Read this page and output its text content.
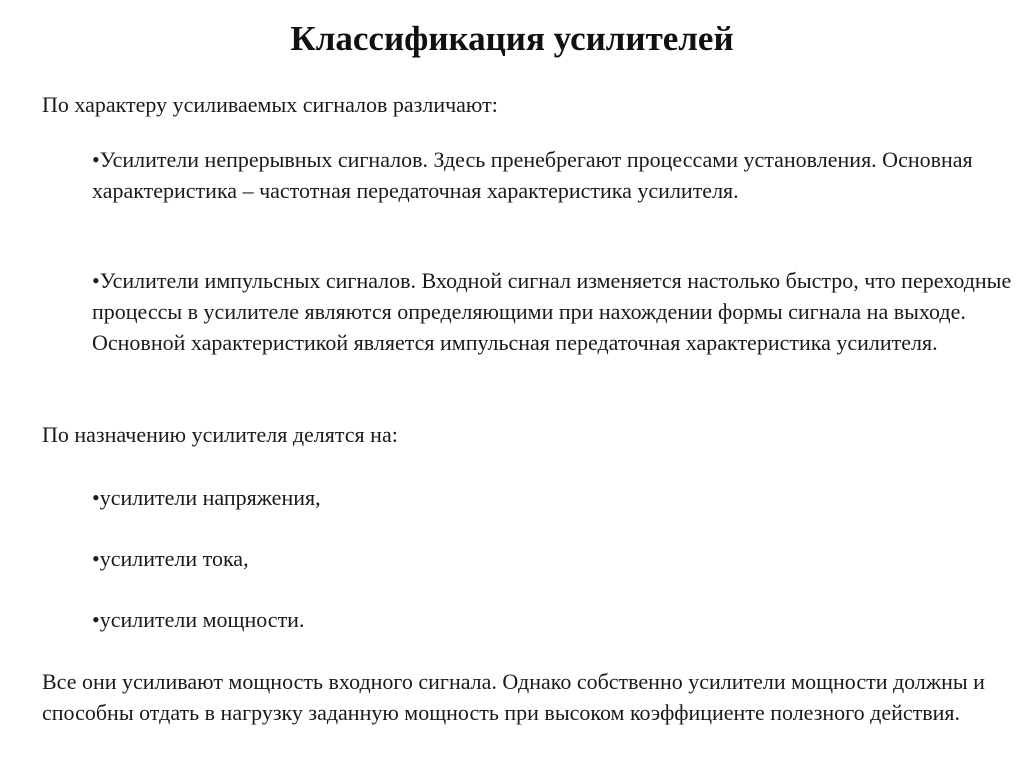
Классификация усилителей

По характеру усиливаемых сигналов различают:

•Усилители непрерывных сигналов. Здесь пренебрегают процессами установления. Основная характеристика – частотная передаточная характеристика усилителя.

•Усилители импульсных сигналов. Входной сигнал изменяется настолько быстро, что переходные процессы в усилителе являются определяющими при нахождении формы сигнала на выходе. Основной характеристикой является импульсная передаточная характеристика усилителя.

По назначению усилителя делятся на:

•усилители напряжения,

•усилители тока,

•усилители мощности.

Все они усиливают мощность входного сигнала. Однако собственно усилители мощности должны и способны отдать в нагрузку заданную мощность при высоком коэффициенте полезного действия.
